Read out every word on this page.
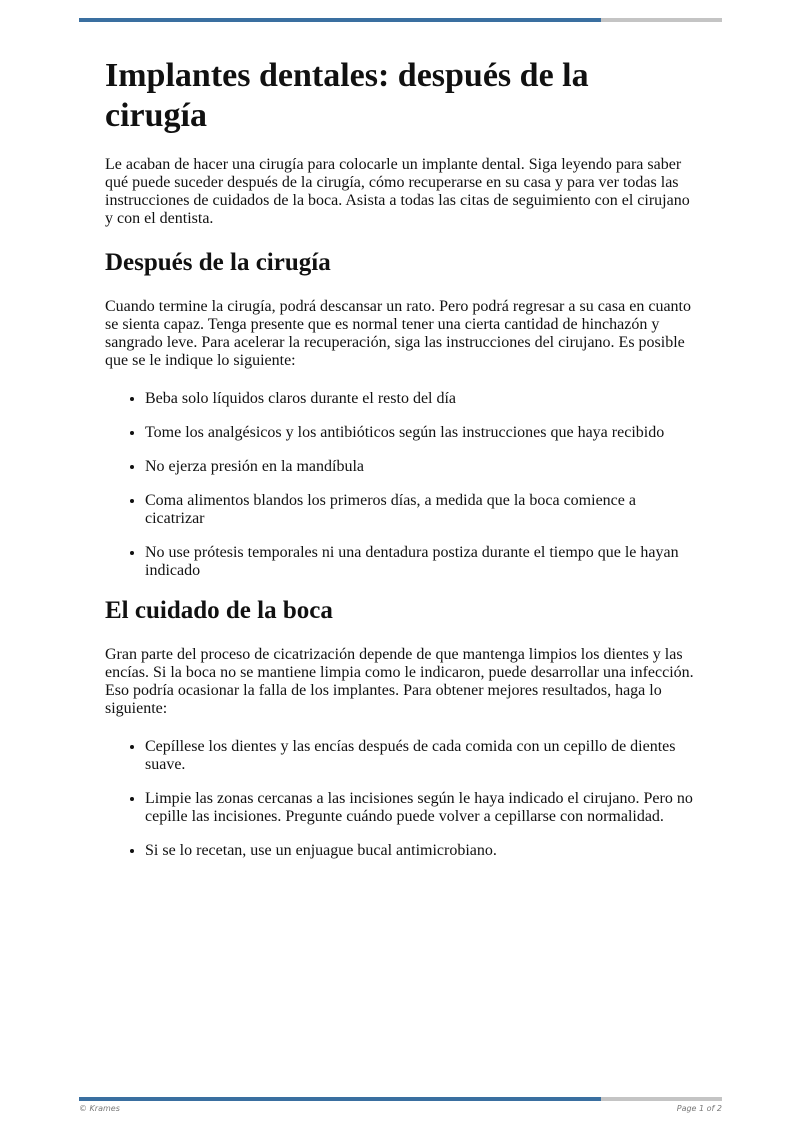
Implantes dentales: después de la cirugía

Le acaban de hacer una cirugía para colocarle un implante dental. Siga leyendo para saber qué puede suceder después de la cirugía, cómo recuperarse en su casa y para ver todas las instrucciones de cuidados de la boca. Asista a todas las citas de seguimiento con el cirujano y con el dentista.

Después de la cirugía

Cuando termine la cirugía, podrá descansar un rato. Pero podrá regresar a su casa en cuanto se sienta capaz. Tenga presente que es normal tener una cierta cantidad de hinchazón y sangrado leve. Para acelerar la recuperación, siga las instrucciones del cirujano. Es posible que se le indique lo siguiente:

• Beba solo líquidos claros durante el resto del día
• Tome los analgésicos y los antibióticos según las instrucciones que haya recibido
• No ejerza presión en la mandíbula
• Coma alimentos blandos los primeros días, a medida que la boca comience a cicatrizar
• No use prótesis temporales ni una dentadura postiza durante el tiempo que le hayan indicado
El cuidado de la boca

Gran parte del proceso de cicatrización depende de que mantenga limpios los dientes y las encías. Si la boca no se mantiene limpia como le indicaron, puede desarrollar una infección. Eso podría ocasionar la falla de los implantes. Para obtener mejores resultados, haga lo siguiente:

• Cepíllese los dientes y las encías después de cada comida con un cepillo de dientes suave.
• Limpie las zonas cercanas a las incisiones según le haya indicado el cirujano. Pero no cepille las incisiones. Pregunte cuándo puede volver a cepillarse con normalidad.
• Si se lo recetan, use un enjuague bucal antimicrobiano.
© Krames	Page 1 of 2
